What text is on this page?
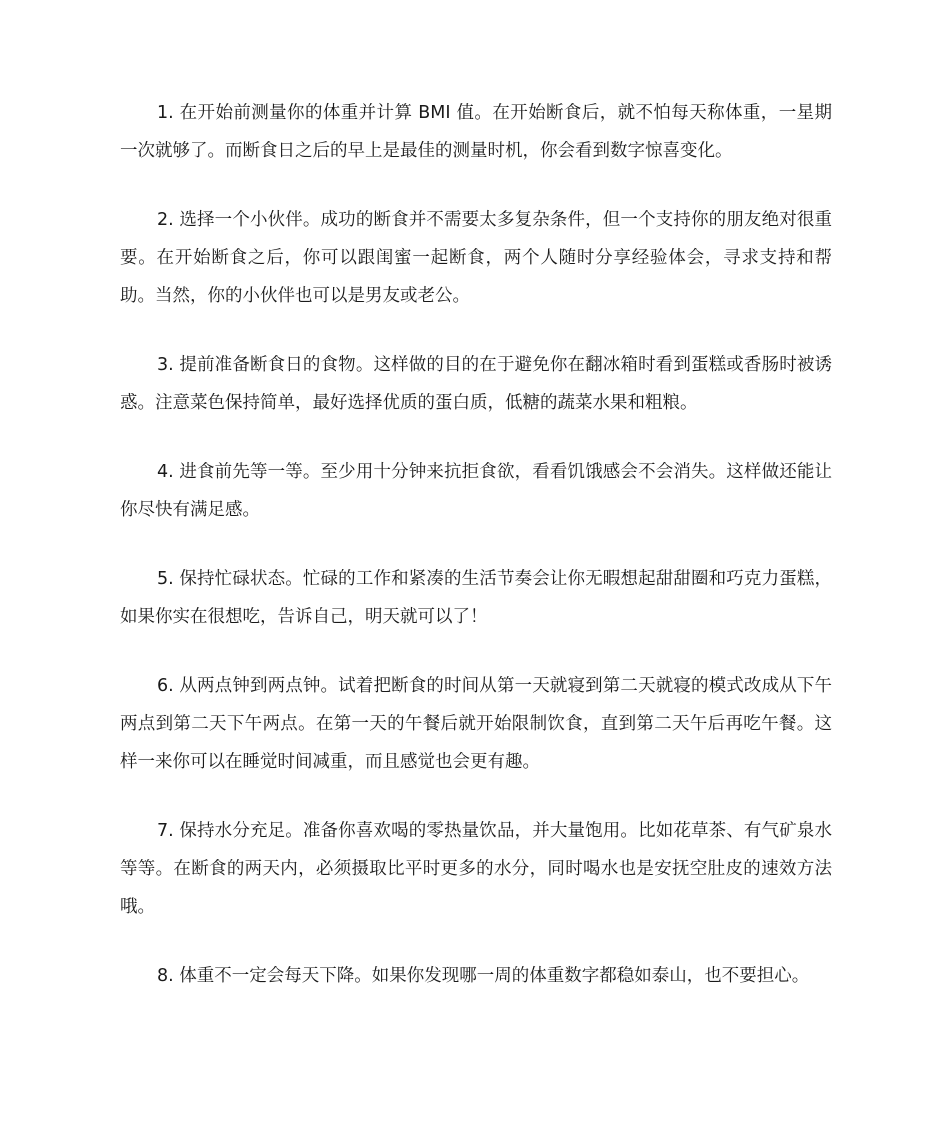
1. 在开始前测量你的体重并计算 BMI 值。在开始断食后，就不怕每天称体重，一星期一次就够了。而断食日之后的早上是最佳的测量时机，你会看到数字惊喜变化。

2. 选择一个小伙伴。成功的断食并不需要太多复杂条件，但一个支持你的朋友绝对很重要。在开始断食之后，你可以跟闺蜜一起断食，两个人随时分享经验体会，寻求支持和帮助。当然，你的小伙伴也可以是男友或老公。

3. 提前准备断食日的食物。这样做的目的在于避免你在翻冰箱时看到蛋糕或香肠时被诱惑。注意菜色保持简单，最好选择优质的蛋白质，低糖的蔬菜水果和粗粮。

4. 进食前先等一等。至少用十分钟来抗拒食欲，看看饥饿感会不会消失。这样做还能让你尽快有满足感。

5. 保持忙碌状态。忙碌的工作和紧凑的生活节奏会让你无暇想起甜甜圈和巧克力蛋糕，如果你实在很想吃，告诉自己，明天就可以了！

6. 从两点钟到两点钟。试着把断食的时间从第一天就寝到第二天就寝的模式改成从下午两点到第二天下午两点。在第一天的午餐后就开始限制饮食，直到第二天午后再吃午餐。这样一来你可以在睡觉时间减重，而且感觉也会更有趣。

7. 保持水分充足。准备你喜欢喝的零热量饮品，并大量饱用。比如花草茶、有气矿泉水等等。在断食的两天内，必须摄取比平时更多的水分，同时喝水也是安抚空肚皮的速效方法哦。

8. 体重不一定会每天下降。如果你发现哪一周的体重数字都稳如泰山，也不要担心。
